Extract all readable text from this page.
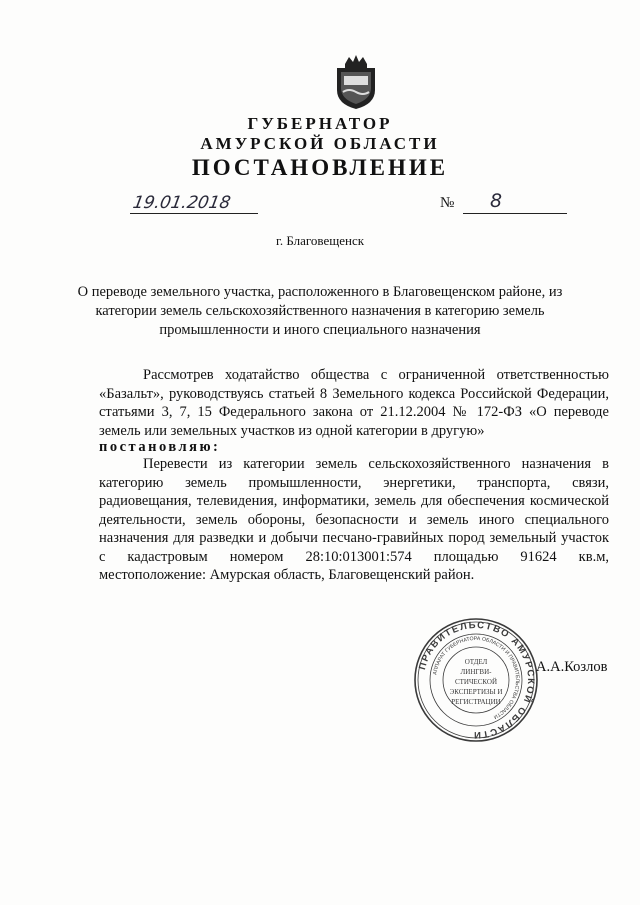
ГУБЕРНАТОР
АМУРСКОЙ ОБЛАСТИ
ПОСТАНОВЛЕНИЕ
19.01.2018	№ 8
г. Благовещенск
О переводе земельного участка, расположенного в Благовещенском районе, из категории земель сельскохозяйственного назначения в категорию земель промышленности и иного специального назначения
Рассмотрев ходатайство общества с ограниченной ответственностью «Базальт», руководствуясь статьей 8 Земельного кодекса Российской Федерации, статьями 3, 7, 15 Федерального закона от 21.12.2004 № 172-ФЗ «О переводе земель или земельных участков из одной категории в другую»
постановляю:
Перевести из категории земель сельскохозяйственного назначения в категорию земель промышленности, энергетики, транспорта, связи, радиовещания, телевидения, информатики, земель для обеспечения космической деятельности, земель обороны, безопасности и земель иного специального назначения для разведки и добычи песчано-гравийных пород земельный участок с кадастровым номером 28:10:013001:574 площадью 91624 кв.м, местоположение: Амурская область, Благовещенский район.
ПРАВИТЕЛЬСТВО АМУРСКОЙ ОБЛАСТИ
АППАРАТ ГУБЕРНАТОРА ОБЛАСТИ И ПРАВИТЕЛЬСТВА ОБЛАСТИ
ОТДЕЛ
ЛИНГВИ-
СТИЧЕСКОЙ
ЭКСПЕРТИЗЫ И
РЕГИСТРАЦИИ
А.А.Козлов
